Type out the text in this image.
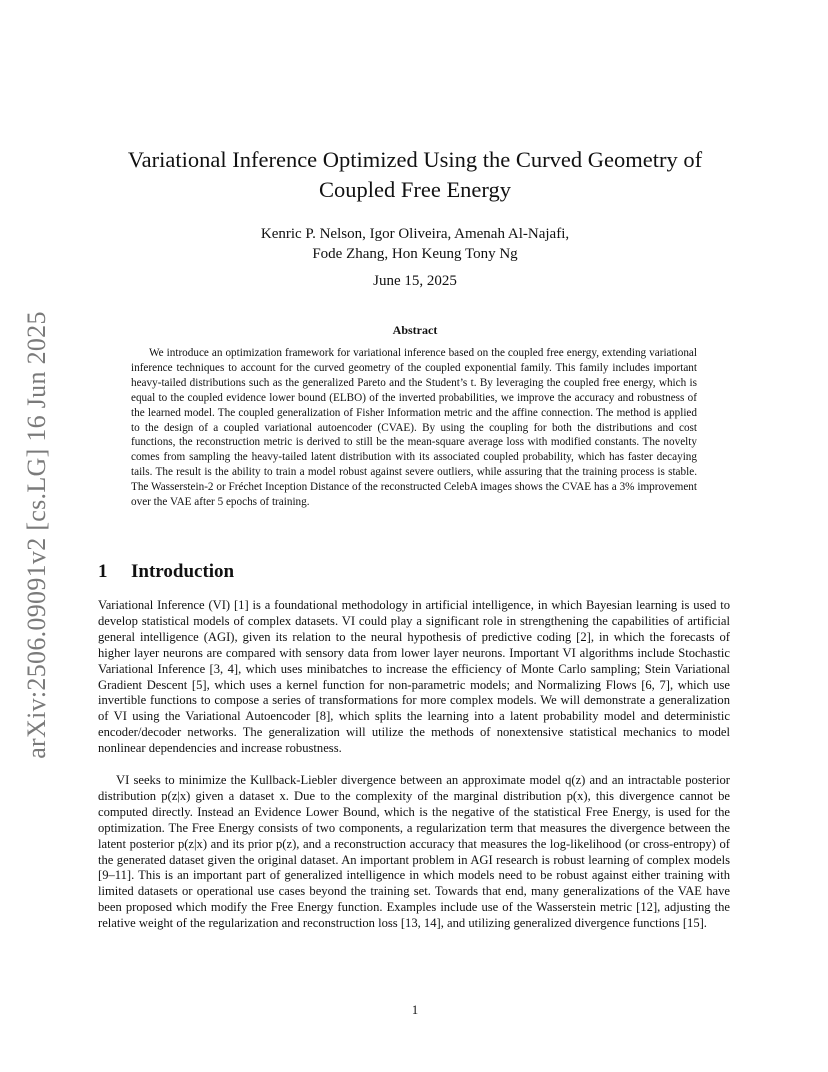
arXiv:2506.09091v2 [cs.LG] 16 Jun 2025
Variational Inference Optimized Using the Curved Geometry of Coupled Free Energy
Kenric P. Nelson, Igor Oliveira, Amenah Al-Najafi,
Fode Zhang, Hon Keung Tony Ng
June 15, 2025
Abstract

We introduce an optimization framework for variational inference based on the coupled free energy, extending variational inference techniques to account for the curved geometry of the coupled exponential family. This family includes important heavy-tailed distributions such as the generalized Pareto and the Student’s t. By leveraging the coupled free energy, which is equal to the coupled evidence lower bound (ELBO) of the inverted probabilities, we improve the accuracy and robustness of the learned model. The coupled generalization of Fisher Information metric and the affine connection. The method is applied to the design of a coupled variational autoencoder (CVAE). By using the coupling for both the distributions and cost functions, the reconstruction metric is derived to still be the mean-square average loss with modified constants. The novelty comes from sampling the heavy-tailed latent distribution with its associated coupled probability, which has faster decaying tails. The result is the ability to train a model robust against severe outliers, while assuring that the training process is stable. The Wasserstein-2 or Fréchet Inception Distance of the reconstructed CelebA images shows the CVAE has a 3% improvement over the VAE after 5 epochs of training.

1 Introduction

Variational Inference (VI) [1] is a foundational methodology in artificial intelligence, in which Bayesian learning is used to develop statistical models of complex datasets. VI could play a significant role in strengthening the capabilities of artificial general intelligence (AGI), given its relation to the neural hypothesis of predictive coding [2], in which the forecasts of higher layer neurons are compared with sensory data from lower layer neurons. Important VI algorithms include Stochastic Variational Inference [3, 4], which uses minibatches to increase the efficiency of Monte Carlo sampling; Stein Variational Gradient Descent [5], which uses a kernel function for non-parametric models; and Normalizing Flows [6, 7], which use invertible functions to compose a series of transformations for more complex models. We will demonstrate a generalization of VI using the Variational Autoencoder [8], which splits the learning into a latent probability model and deterministic encoder/decoder networks. The generalization will utilize the methods of nonextensive statistical mechanics to model nonlinear dependencies and increase robustness.

VI seeks to minimize the Kullback-Liebler divergence between an approximate model q(z) and an intractable posterior distribution p(z|x) given a dataset x. Due to the complexity of the marginal distribution p(x), this divergence cannot be computed directly. Instead an Evidence Lower Bound, which is the negative of the statistical Free Energy, is used for the optimization. The Free Energy consists of two components, a regularization term that measures the divergence between the latent posterior p(z|x) and its prior p(z), and a reconstruction accuracy that measures the log-likelihood (or cross-entropy) of the generated dataset given the original dataset. An important problem in AGI research is robust learning of complex models [9–11]. This is an important part of generalized intelligence in which models need to be robust against either training with limited datasets or operational use cases beyond the training set. Towards that end, many generalizations of the VAE have been proposed which modify the Free Energy function. Examples include use of the Wasserstein metric [12], adjusting the relative weight of the regularization and reconstruction loss [13, 14], and utilizing generalized divergence functions [15].

1
